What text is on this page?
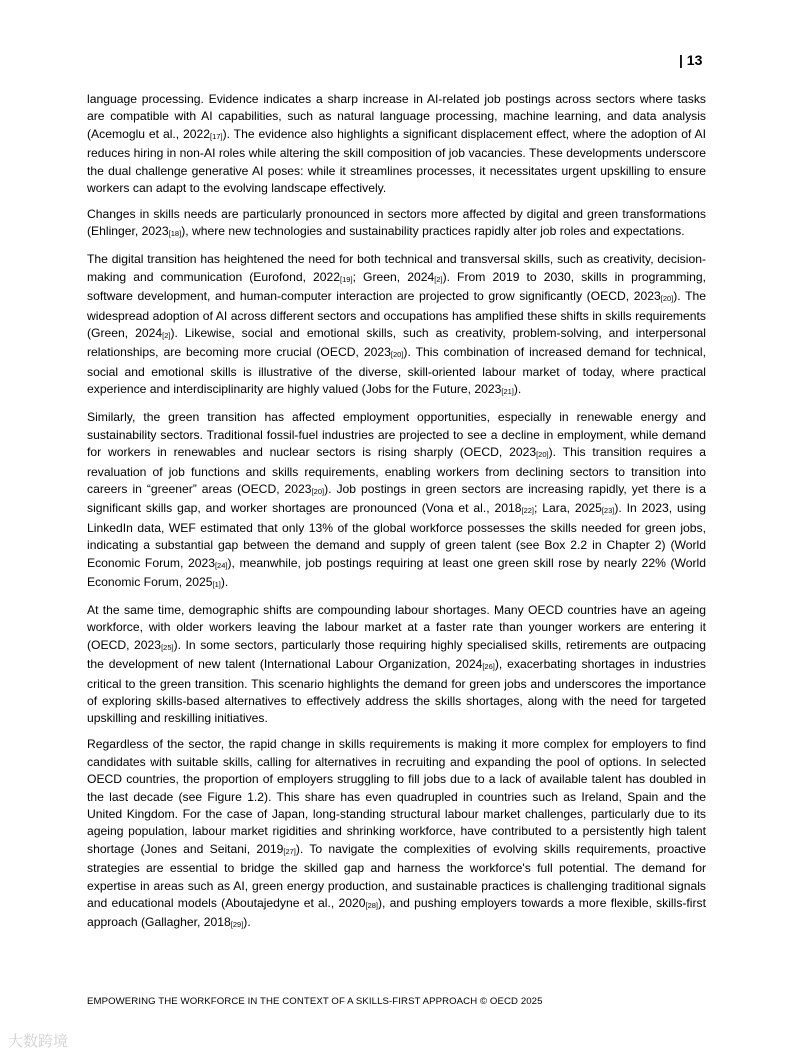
| 13

language processing. Evidence indicates a sharp increase in AI-related job postings across sectors where tasks are compatible with AI capabilities, such as natural language processing, machine learning, and data analysis (Acemoglu et al., 2022[17]). The evidence also highlights a significant displacement effect, where the adoption of AI reduces hiring in non-AI roles while altering the skill composition of job vacancies. These developments underscore the dual challenge generative AI poses: while it streamlines processes, it necessitates urgent upskilling to ensure workers can adapt to the evolving landscape effectively.

Changes in skills needs are particularly pronounced in sectors more affected by digital and green transformations (Ehlinger, 2023[18]), where new technologies and sustainability practices rapidly alter job roles and expectations.

The digital transition has heightened the need for both technical and transversal skills, such as creativity, decision-making and communication (Eurofond, 2022[19]; Green, 2024[2]). From 2019 to 2030, skills in programming, software development, and human-computer interaction are projected to grow significantly (OECD, 2023[20]). The widespread adoption of AI across different sectors and occupations has amplified these shifts in skills requirements (Green, 2024[2]). Likewise, social and emotional skills, such as creativity, problem-solving, and interpersonal relationships, are becoming more crucial (OECD, 2023[20]). This combination of increased demand for technical, social and emotional skills is illustrative of the diverse, skill-oriented labour market of today, where practical experience and interdisciplinarity are highly valued (Jobs for the Future, 2023[21]).

Similarly, the green transition has affected employment opportunities, especially in renewable energy and sustainability sectors. Traditional fossil-fuel industries are projected to see a decline in employment, while demand for workers in renewables and nuclear sectors is rising sharply (OECD, 2023[20]). This transition requires a revaluation of job functions and skills requirements, enabling workers from declining sectors to transition into careers in “greener” areas (OECD, 2023[20]). Job postings in green sectors are increasing rapidly, yet there is a significant skills gap, and worker shortages are pronounced (Vona et al., 2018[22]; Lara, 2025[23]). In 2023, using LinkedIn data, WEF estimated that only 13% of the global workforce possesses the skills needed for green jobs, indicating a substantial gap between the demand and supply of green talent (see Box 2.2 in Chapter 2) (World Economic Forum, 2023[24]), meanwhile, job postings requiring at least one green skill rose by nearly 22% (World Economic Forum, 2025[1]).

At the same time, demographic shifts are compounding labour shortages. Many OECD countries have an ageing workforce, with older workers leaving the labour market at a faster rate than younger workers are entering it (OECD, 2023[25]). In some sectors, particularly those requiring highly specialised skills, retirements are outpacing the development of new talent (International Labour Organization, 2024[26]), exacerbating shortages in industries critical to the green transition. This scenario highlights the demand for green jobs and underscores the importance of exploring skills-based alternatives to effectively address the skills shortages, along with the need for targeted upskilling and reskilling initiatives.

Regardless of the sector, the rapid change in skills requirements is making it more complex for employers to find candidates with suitable skills, calling for alternatives in recruiting and expanding the pool of options. In selected OECD countries, the proportion of employers struggling to fill jobs due to a lack of available talent has doubled in the last decade (see Figure 1.2). This share has even quadrupled in countries such as Ireland, Spain and the United Kingdom. For the case of Japan, long-standing structural labour market challenges, particularly due to its ageing population, labour market rigidities and shrinking workforce, have contributed to a persistently high talent shortage (Jones and Seitani, 2019[27]). To navigate the complexities of evolving skills requirements, proactive strategies are essential to bridge the skilled gap and harness the workforce's full potential. The demand for expertise in areas such as AI, green energy production, and sustainable practices is challenging traditional signals and educational models (Aboutajedyne et al., 2020[28]), and pushing employers towards a more flexible, skills-first approach (Gallagher, 2018[29]).

EMPOWERING THE WORKFORCE IN THE CONTEXT OF A SKILLS-FIRST APPROACH © OECD 2025
大数跨境
